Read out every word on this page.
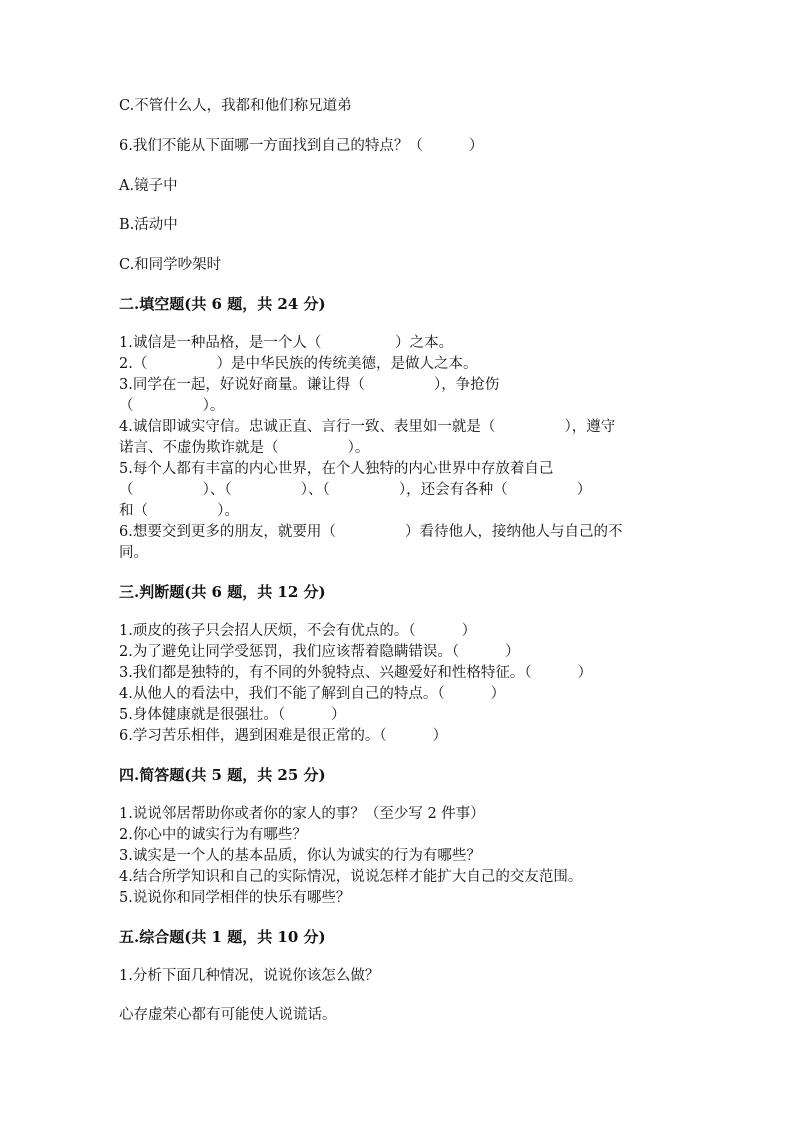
C.不管什么人，我都和他们称兄道弟
6.我们不能从下面哪一方面找到自己的特点？（          ）
A.镜子中
B.活动中
C.和同学吵架时
二.填空题(共 6 题，共 24 分)
1.诚信是一种品格，是一个人（                ）之本。
2.（               ）是中华民族的传统美德，是做人之本。
3.同学在一起，好说好商量。谦让得（               ），争抢伤
（               ）。
4.诚信即诚实守信。忠诚正直、言行一致、表里如一就是（               ），遵守
诺言、不虚伪欺诈就是（               ）。
5.每个人都有丰富的内心世界，在个人独特的内心世界中存放着自己
（               ）、（               ）、（               ），还会有各种（               ）
和（               ）。
6.想要交到更多的朋友，就要用（               ）看待他人，接纳他人与自己的不
同。
三.判断题(共 6 题，共 12 分)
1.顽皮的孩子只会招人厌烦，不会有优点的。（          ）
2.为了避免让同学受惩罚，我们应该帮着隐瞒错误。（          ）
3.我们都是独特的，有不同的外貌特点、兴趣爱好和性格特征。（          ）
4.从他人的看法中，我们不能了解到自己的特点。（          ）
5.身体健康就是很强壮。（          ）
6.学习苦乐相伴，遇到困难是很正常的。（          ）
四.简答题(共 5 题，共 25 分)
1.说说邻居帮助你或者你的家人的事？（至少写 2 件事）
2.你心中的诚实行为有哪些？
3.诚实是一个人的基本品质，你认为诚实的行为有哪些？
4.结合所学知识和自己的实际情况，说说怎样才能扩大自己的交友范围。
5.说说你和同学相伴的快乐有哪些？
五.综合题(共 1 题，共 10 分)
1.分析下面几种情况，说说你该怎么做？
心存虚荣心都有可能使人说谎话。
